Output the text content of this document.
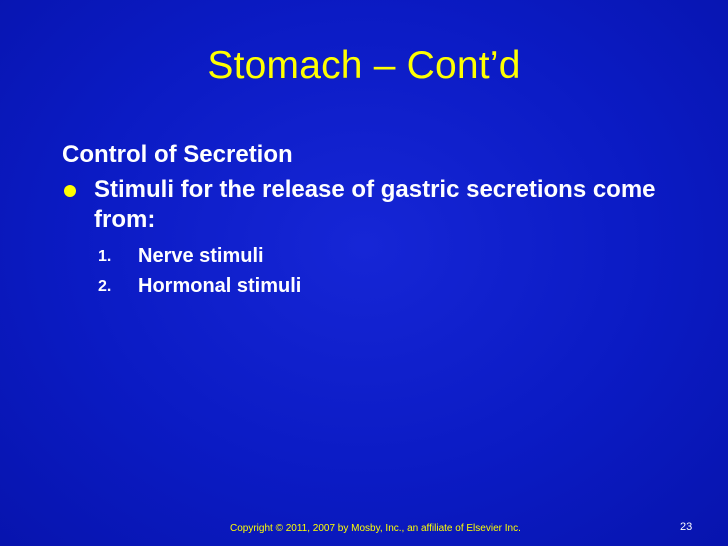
Stomach – Cont’d
Control of Secretion
Stimuli for the release of gastric secretions come from:
1. Nerve stimuli
2. Hormonal stimuli
Copyright © 2011, 2007 by Mosby, Inc., an affiliate of Elsevier Inc.	23
